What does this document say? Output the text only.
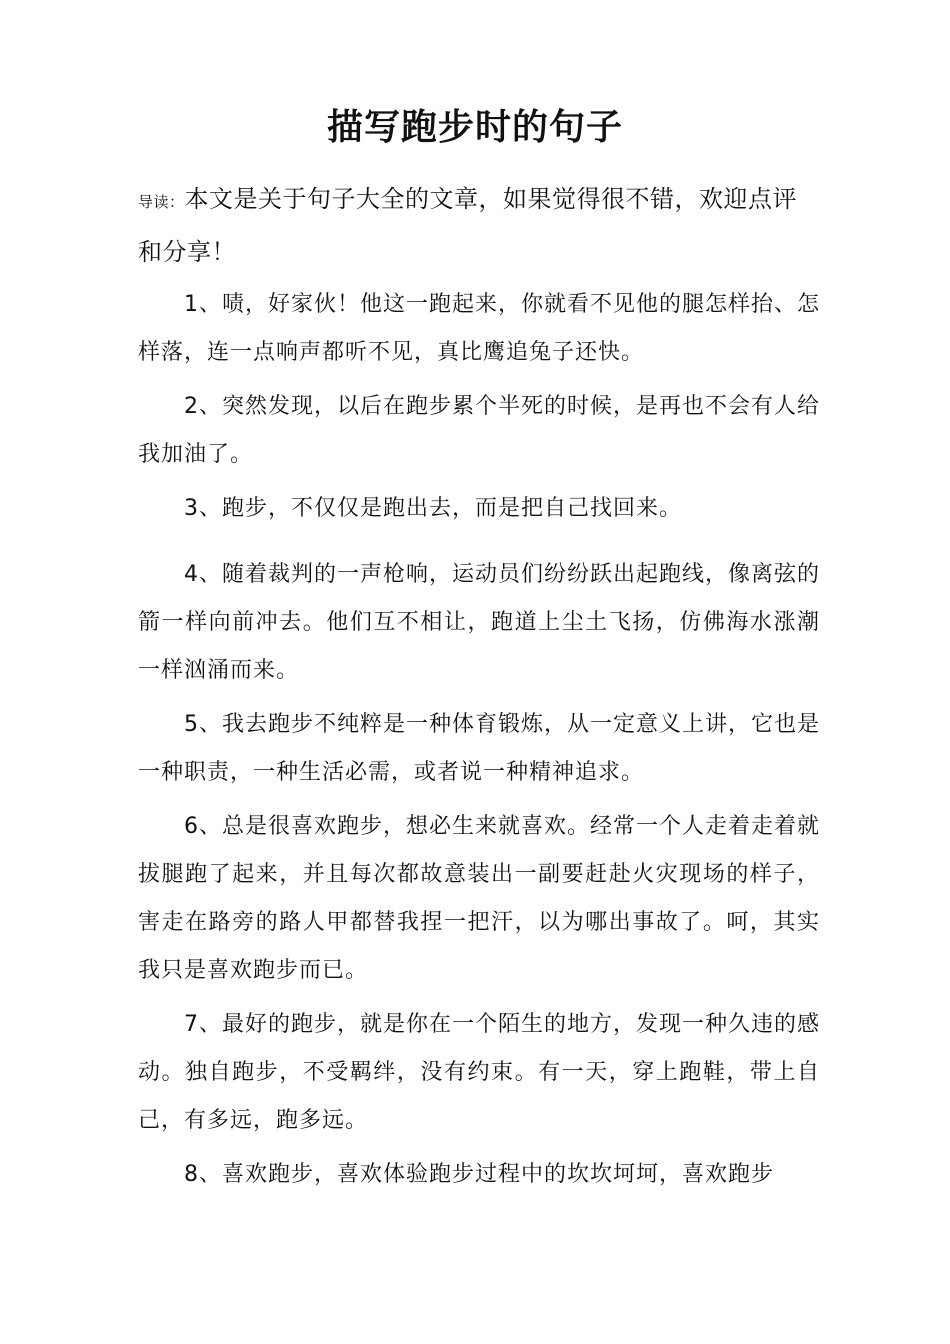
描写跑步时的句子

导读：本文是关于句子大全的文章，如果觉得很不错，欢迎点评和分享！

1、啧，好家伙！他这一跑起来，你就看不见他的腿怎样抬、怎样落，连一点响声都听不见，真比鹰追兔子还快。

2、突然发现，以后在跑步累个半死的时候，是再也不会有人给我加油了。

3、跑步，不仅仅是跑出去，而是把自己找回来。

4、随着裁判的一声枪响，运动员们纷纷跃出起跑线，像离弦的箭一样向前冲去。他们互不相让，跑道上尘土飞扬，仿佛海水涨潮一样汹涌而来。

5、我去跑步不纯粹是一种体育锻炼，从一定意义上讲，它也是一种职责，一种生活必需，或者说一种精神追求。

6、总是很喜欢跑步，想必生来就喜欢。经常一个人走着走着就拔腿跑了起来，并且每次都故意装出一副要赶赴火灾现场的样子，害走在路旁的路人甲都替我捏一把汗，以为哪出事故了。呵，其实我只是喜欢跑步而已。

7、最好的跑步，就是你在一个陌生的地方，发现一种久违的感动。独自跑步，不受羁绊，没有约束。有一天，穿上跑鞋，带上自己，有多远，跑多远。

8、喜欢跑步，喜欢体验跑步过程中的坎坎坷坷，喜欢跑步
